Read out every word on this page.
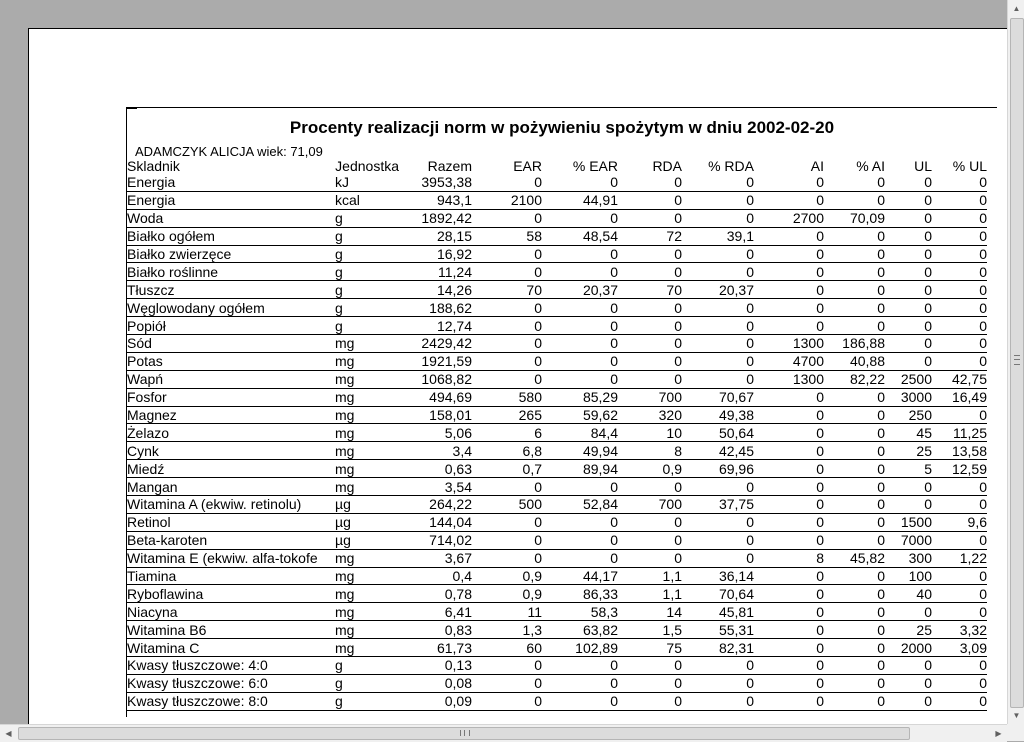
Procenty realizacji norm w pożywieniu spożytym w dniu 2002-02-20
ADAMCZYK ALICJA wiek: 71,09
Skladnik	Jednostka	Razem	EAR	% EAR	RDA	% RDA	AI	% AI	UL	% UL
Energia	kJ	3953,38	0	0	0	0	0	0	0	0
Energia	kcal	943,1	2100	44,91	0	0	0	0	0	0
Woda	g	1892,42	0	0	0	0	2700	70,09	0	0
Białko ogółem	g	28,15	58	48,54	72	39,1	0	0	0	0
Białko zwierzęce	g	16,92	0	0	0	0	0	0	0	0
Białko roślinne	g	11,24	0	0	0	0	0	0	0	0
Tłuszcz	g	14,26	70	20,37	70	20,37	0	0	0	0
Węglowodany ogółem	g	188,62	0	0	0	0	0	0	0	0
Popiół	g	12,74	0	0	0	0	0	0	0	0
Sód	mg	2429,42	0	0	0	0	1300	186,88	0	0
Potas	mg	1921,59	0	0	0	0	4700	40,88	0	0
Wapń	mg	1068,82	0	0	0	0	1300	82,22	2500	42,75
Fosfor	mg	494,69	580	85,29	700	70,67	0	0	3000	16,49
Magnez	mg	158,01	265	59,62	320	49,38	0	0	250	0
Żelazo	mg	5,06	6	84,4	10	50,64	0	0	45	11,25
Cynk	mg	3,4	6,8	49,94	8	42,45	0	0	25	13,58
Miedź	mg	0,63	0,7	89,94	0,9	69,96	0	0	5	12,59
Mangan	mg	3,54	0	0	0	0	0	0	0	0
Witamina A (ekwiw. retinolu)	µg	264,22	500	52,84	700	37,75	0	0	0	0
Retinol	µg	144,04	0	0	0	0	0	0	1500	9,6
Beta-karoten	µg	714,02	0	0	0	0	0	0	7000	0
Witamina E (ekwiw. alfa-tokofe	mg	3,67	0	0	0	0	8	45,82	300	1,22
Tiamina	mg	0,4	0,9	44,17	1,1	36,14	0	0	100	0
Ryboflawina	mg	0,78	0,9	86,33	1,1	70,64	0	0	40	0
Niacyna	mg	6,41	11	58,3	14	45,81	0	0	0	0
Witamina B6	mg	0,83	1,3	63,82	1,5	55,31	0	0	25	3,32
Witamina C	mg	61,73	60	102,89	75	82,31	0	0	2000	3,09
Kwasy tłuszczowe: 4:0	g	0,13	0	0	0	0	0	0	0	0
Kwasy tłuszczowe: 6:0	g	0,08	0	0	0	0	0	0	0	0
Kwasy tłuszczowe: 8:0	g	0,09	0	0	0	0	0	0	0	0
▲
▼
◀	▶
